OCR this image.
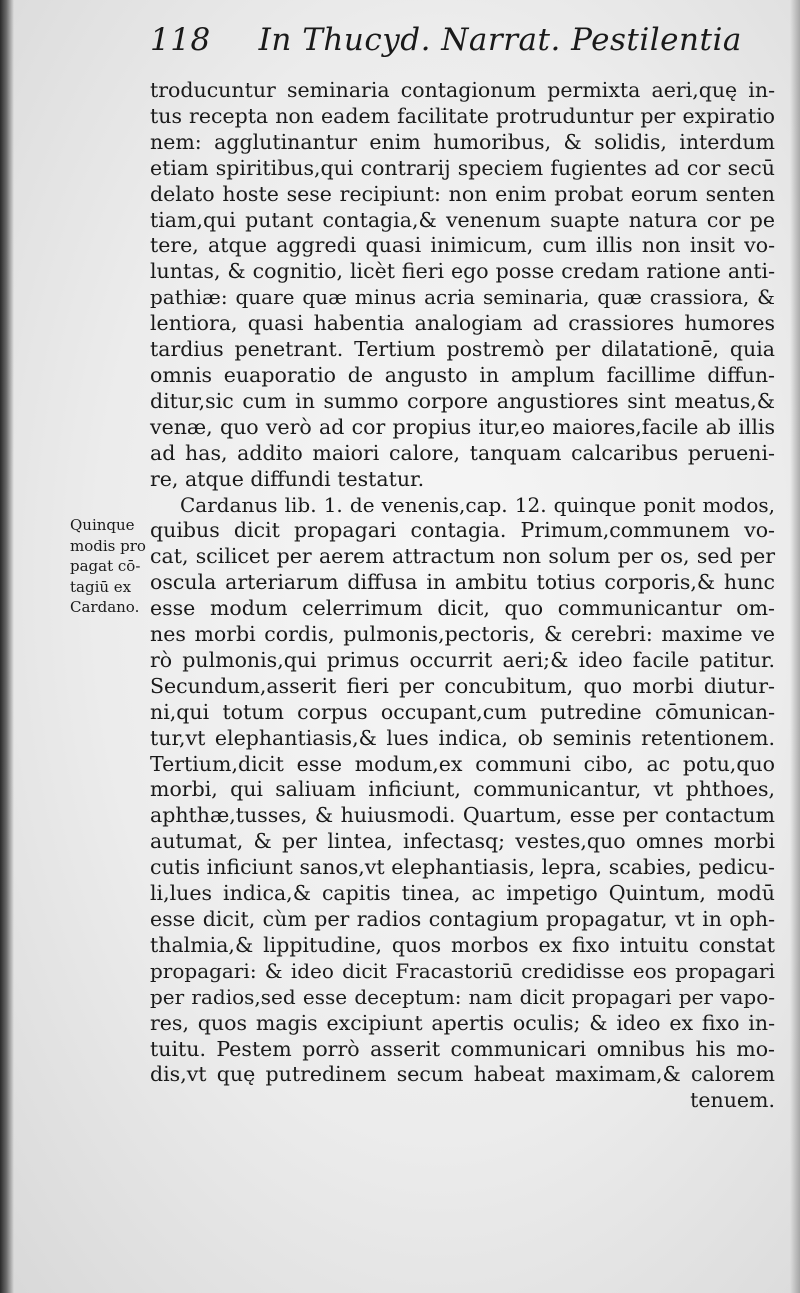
118 In Thucyd. Narrat. Pestilentia
Quinque
modis pro
pagat cō-
tagiū ex
Cardano.
troducuntur seminaria contagionum permixta aeri,quę in-
tus recepta non eadem facilitate protruduntur per expiratio
nem: agglutinantur enim humoribus, & solidis, interdum
etiam spiritibus,qui contrarij speciem fugientes ad cor secū
delato hoste sese recipiunt: non enim probat eorum senten
tiam,qui putant contagia,& venenum suapte natura cor pe
tere, atque aggredi quasi inimicum, cum illis non insit vo-
luntas, & cognitio, licèt fieri ego posse credam ratione anti-
pathiæ: quare quæ minus acria seminaria, quæ crassiora, &
lentiora, quasi habentia analogiam ad crassiores humores
tardius penetrant. Tertium postremò per dilatationē, quia
omnis euaporatio de angusto in amplum facillime diffun-
ditur,sic cum in summo corpore angustiores sint meatus,&
venæ, quo verò ad cor propius itur,eo maiores,facile ab illis
ad has, addito maiori calore, tanquam calcaribus perueni-
re, atque diffundi testatur.
Cardanus lib. 1. de venenis,cap. 12. quinque ponit modos,
quibus dicit propagari contagia. Primum,communem vo-
cat, scilicet per aerem attractum non solum per os, sed per
oscula arteriarum diffusa in ambitu totius corporis,& hunc
esse modum celerrimum dicit, quo communicantur om-
nes morbi cordis, pulmonis,pectoris, & cerebri: maxime ve
rò pulmonis,qui primus occurrit aeri;& ideo facile patitur.
Secundum,asserit fieri per concubitum, quo morbi diutur-
ni,qui totum corpus occupant,cum putredine cōmunican-
tur,vt elephantiasis,& lues indica, ob seminis retentionem.
Tertium,dicit esse modum,ex communi cibo, ac potu,quo
morbi, qui saliuam inficiunt, communicantur, vt phthoes,
aphthæ,tusses, & huiusmodi. Quartum, esse per contactum
autumat, & per lintea, infectasq; vestes,quo omnes morbi
cutis inficiunt sanos,vt elephantiasis, lepra, scabies, pedicu-
li,lues indica,& capitis tinea, ac impetigo Quintum, modū
esse dicit, cùm per radios contagium propagatur, vt in oph-
thalmia,& lippitudine, quos morbos ex fixo intuitu constat
propagari: & ideo dicit Fracastoriū credidisse eos propagari
per radios,sed esse deceptum: nam dicit propagari per vapo-
res, quos magis excipiunt apertis oculis; & ideo ex fixo in-
tuitu. Pestem porrò asserit communicari omnibus his mo-
dis,vt quę putredinem secum habeat maximam,& calorem
tenuem.
